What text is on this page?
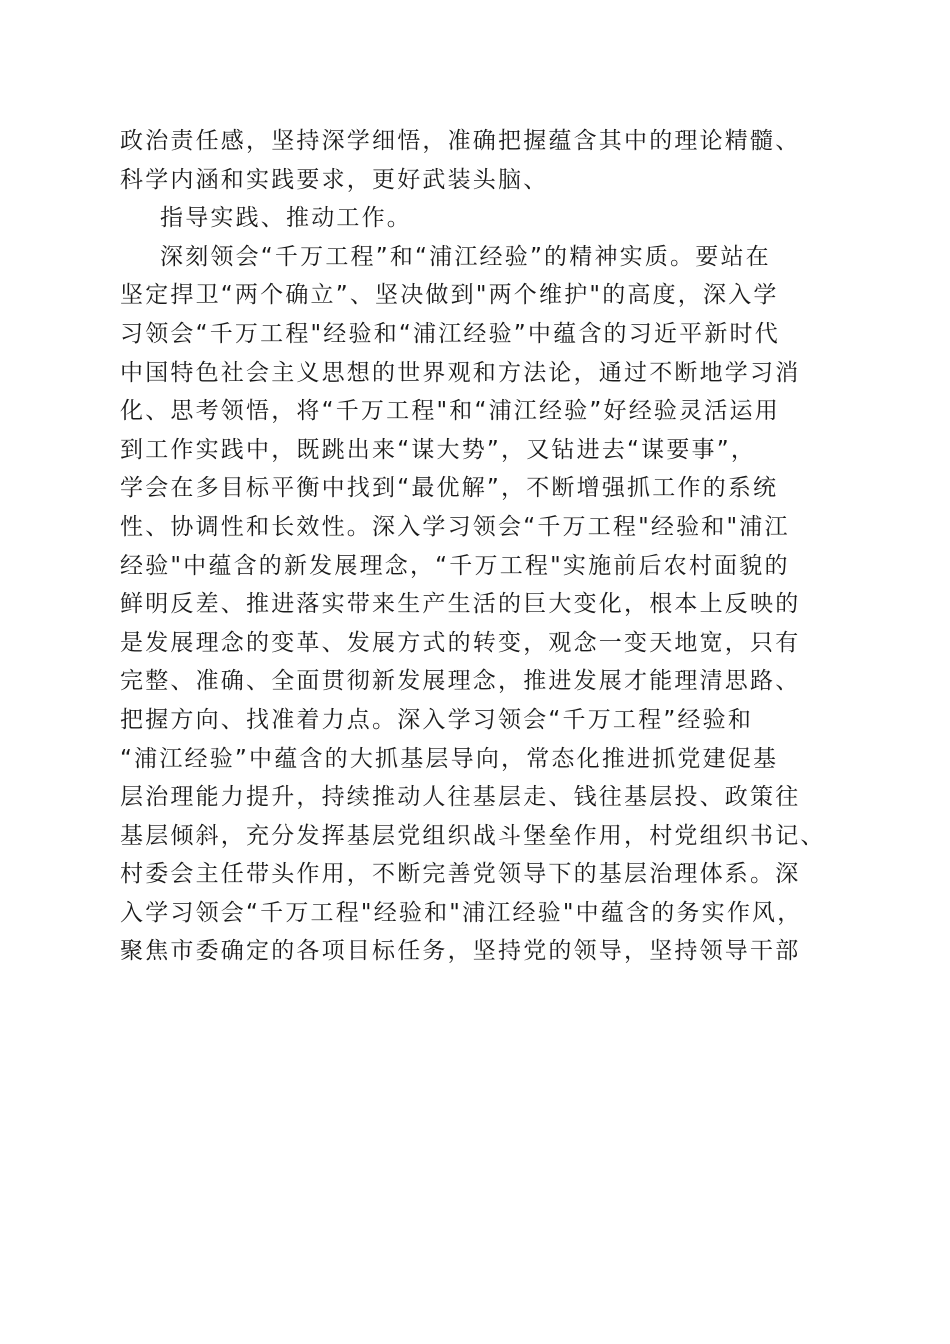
政治责任感，坚持深学细悟，准确把握蕴含其中的理论精髓、
科学内涵和实践要求，更好武装头脑、
指导实践、推动工作。
深刻领会“千万工程”和“浦江经验”的精神实质。要站在
坚定捍卫“两个确立”、坚决做到"两个维护"的高度，深入学
习领会“千万工程"经验和“浦江经验”中蕴含的习近平新时代
中国特色社会主义思想的世界观和方法论，通过不断地学习消
化、思考领悟，将“千万工程"和“浦江经验”好经验灵活运用
到工作实践中，既跳出来“谋大势”，又钻进去“谋要事”，
学会在多目标平衡中找到“最优解”，不断增强抓工作的系统
性、协调性和长效性。深入学习领会“千万工程"经验和"浦江
经验"中蕴含的新发展理念，“千万工程"实施前后农村面貌的
鲜明反差、推进落实带来生产生活的巨大变化，根本上反映的
是发展理念的变革、发展方式的转变，观念一变天地宽，只有
完整、准确、全面贯彻新发展理念，推进发展才能理清思路、
把握方向、找准着力点。深入学习领会“千万工程”经验和
“浦江经验”中蕴含的大抓基层导向，常态化推进抓党建促基
层治理能力提升，持续推动人往基层走、钱往基层投、政策往
基层倾斜，充分发挥基层党组织战斗堡垒作用，村党组织书记、
村委会主任带头作用，不断完善党领导下的基层治理体系。深
入学习领会“千万工程"经验和"浦江经验"中蕴含的务实作风，
聚焦市委确定的各项目标任务，坚持党的领导，坚持领导干部
